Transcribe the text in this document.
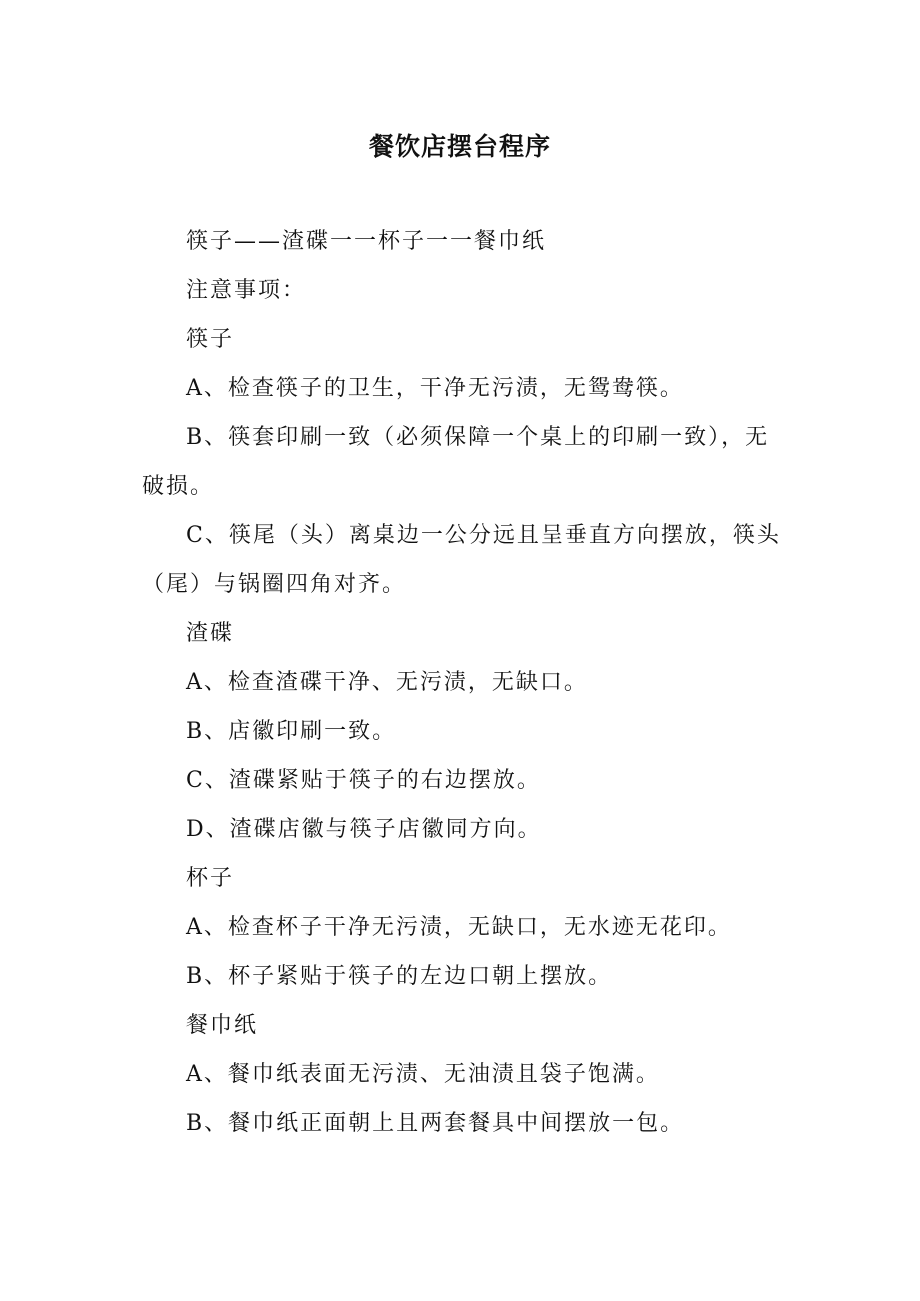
餐饮店摆台程序

筷子——渣碟一一杯子一一餐巾纸

注意事项：

筷子

A、检查筷子的卫生，干净无污渍，无鸳鸯筷。

B、筷套印刷一致（必须保障一个桌上的印刷一致），无破损。

C、筷尾（头）离桌边一公分远且呈垂直方向摆放，筷头（尾）与锅圈四角对齐。

渣碟

A、检查渣碟干净、无污渍，无缺口。

B、店徽印刷一致。

C、渣碟紧贴于筷子的右边摆放。

D、渣碟店徽与筷子店徽同方向。

杯子

A、检查杯子干净无污渍，无缺口，无水迹无花印。

B、杯子紧贴于筷子的左边口朝上摆放。

餐巾纸

A、餐巾纸表面无污渍、无油渍且袋子饱满。

B、餐巾纸正面朝上且两套餐具中间摆放一包。
